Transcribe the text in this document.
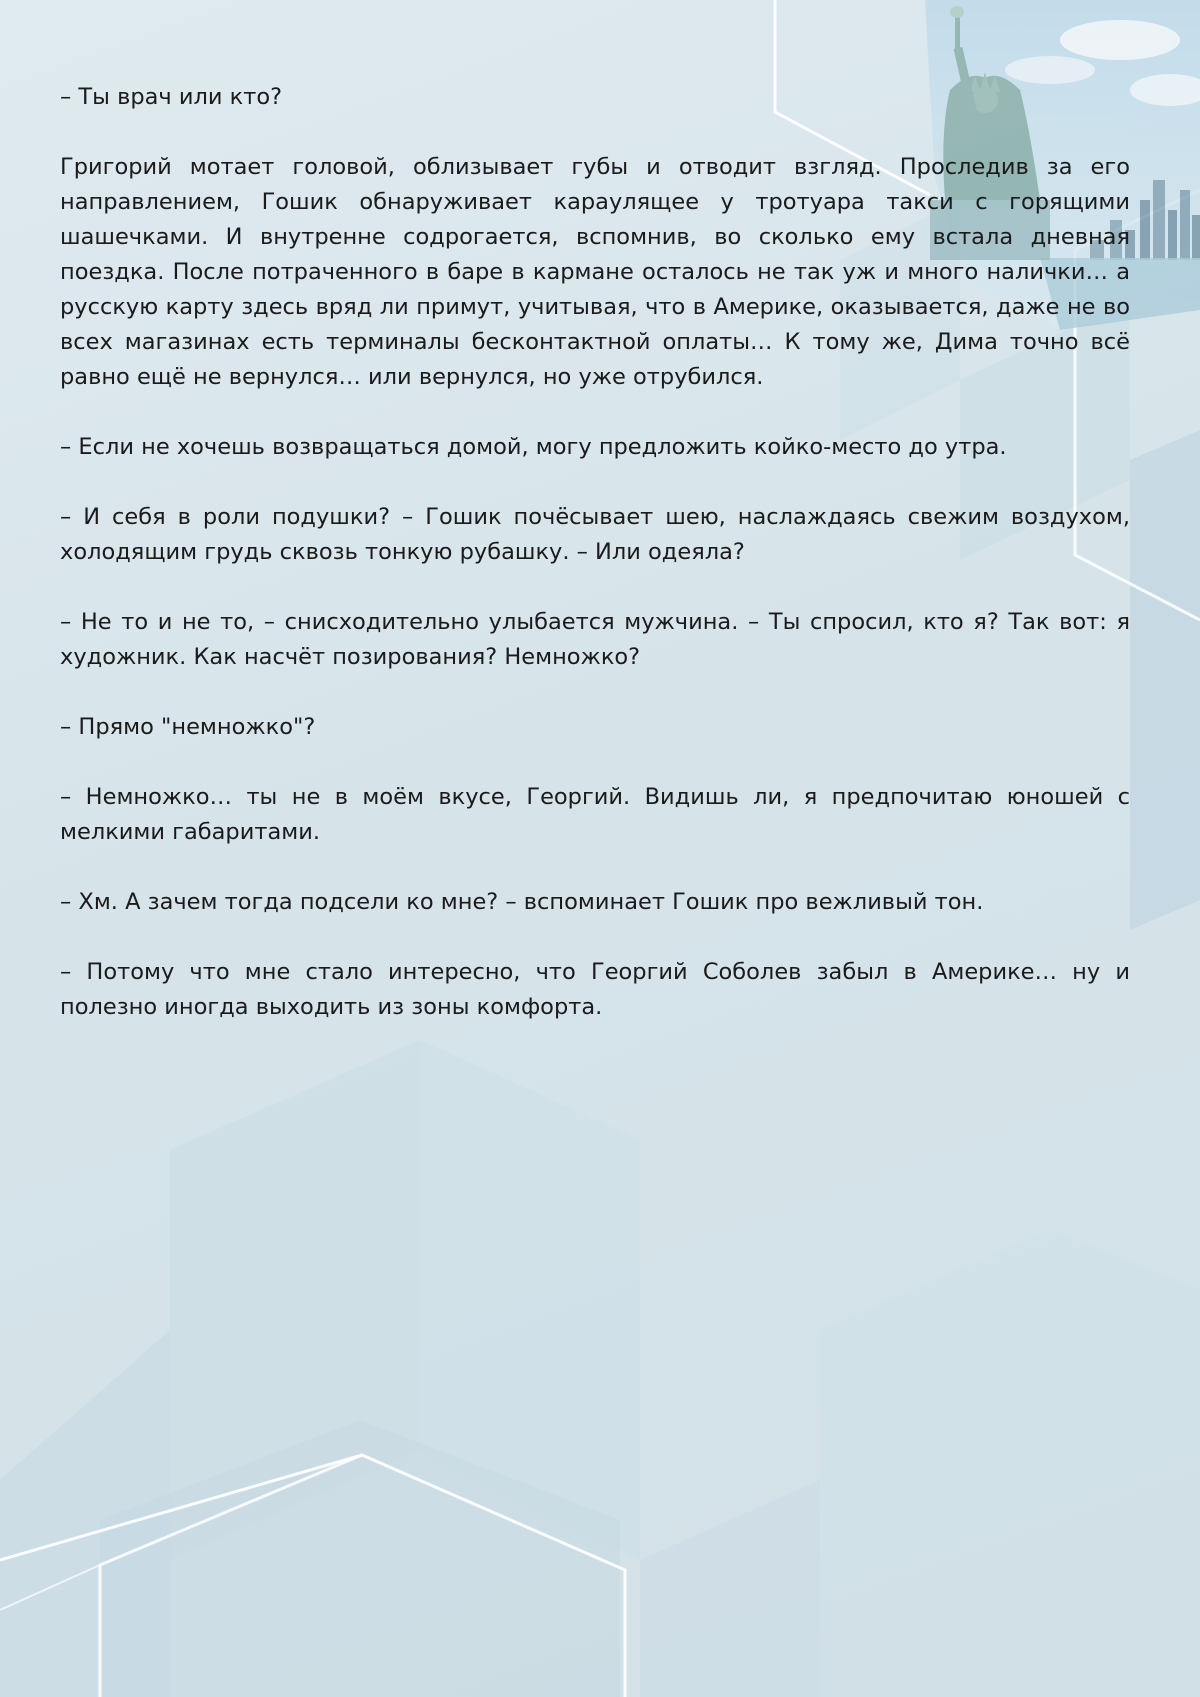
– Ты врач или кто?

Григорий мотает головой, облизывает губы и отводит взгляд. Проследив за его направлением, Гошик обнаруживает караулящее у тротуара такси с горящими шашечками. И внутренне содрогается, вспомнив, во сколько ему встала дневная поездка. После потраченного в баре в кармане осталось не так уж и много налички… а русскую карту здесь вряд ли примут, учитывая, что в Америке, оказывается, даже не во всех магазинах есть терминалы бесконтактной оплаты… К тому же, Дима точно всё равно ещё не вернулся… или вернулся, но уже отрубился.

– Если не хочешь возвращаться домой, могу предложить койко-место до утра.

– И себя в роли подушки? – Гошик почёсывает шею, наслаждаясь свежим воздухом, холодящим грудь сквозь тонкую рубашку. – Или одеяла?

– Не то и не то, – снисходительно улыбается мужчина. – Ты спросил, кто я? Так вот: я художник. Как насчёт позирования? Немножко?

– Прямо "немножко"?

– Немножко… ты не в моём вкусе, Георгий. Видишь ли, я предпочитаю юношей с мелкими габаритами.

– Хм. А зачем тогда подсели ко мне? – вспоминает Гошик про вежливый тон.

– Потому что мне стало интересно, что Георгий Соболев забыл в Америке… ну и полезно иногда выходить из зоны комфорта.
